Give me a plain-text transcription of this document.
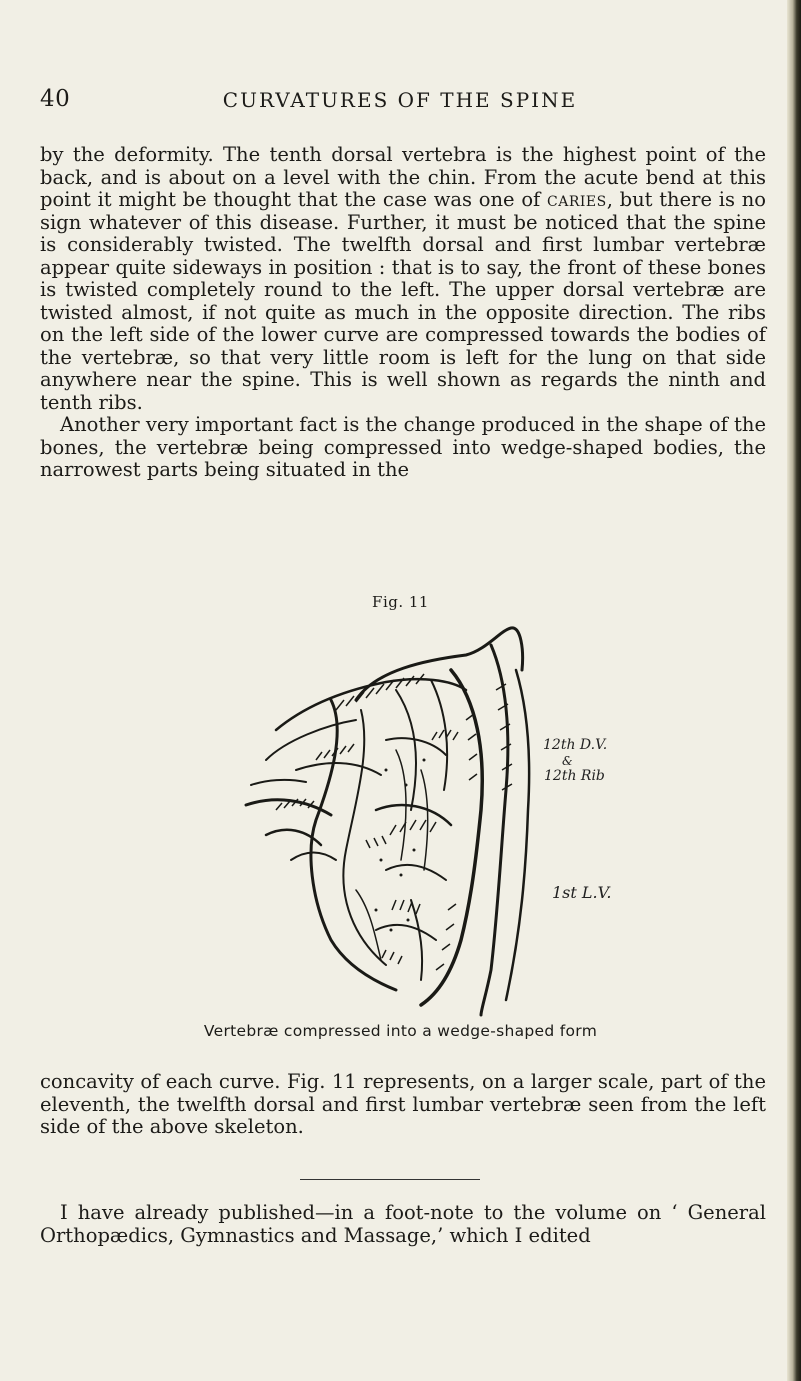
40	CURVATURES OF THE SPINE

by the deformity. The tenth dorsal vertebra is the highest point of the back, and is about on a level with the chin. From the acute bend at this point it might be thought that the case was one of caries, but there is no sign whatever of this disease. Further, it must be noticed that the spine is considerably twisted. The twelfth dorsal and first lumbar vertebræ appear quite sideways in position : that is to say, the front of these bones is twisted completely round to the left. The upper dorsal vertebræ are twisted almost, if not quite as much in the opposite direction. The ribs on the left side of the lower curve are compressed towards the bodies of the vertebræ, so that very little room is left for the lung on that side anywhere near the spine. This is well shown as regards the ninth and tenth ribs.

Another very important fact is the change produced in the shape of the bones, the vertebræ being compressed into wedge-shaped bodies, the narrowest parts being situated in the

Fig. 11
12th D.V.
&
12th Rib
1st L.V.
Vertebræ compressed into a wedge-shaped form

concavity of each curve. Fig. 11 represents, on a larger scale, part of the eleventh, the twelfth dorsal and first lumbar vertebræ seen from the left side of the above skeleton.

I have already published—in a foot-note to the volume on ‘ General Orthopædics, Gymnastics and Massage,’ which I edited
